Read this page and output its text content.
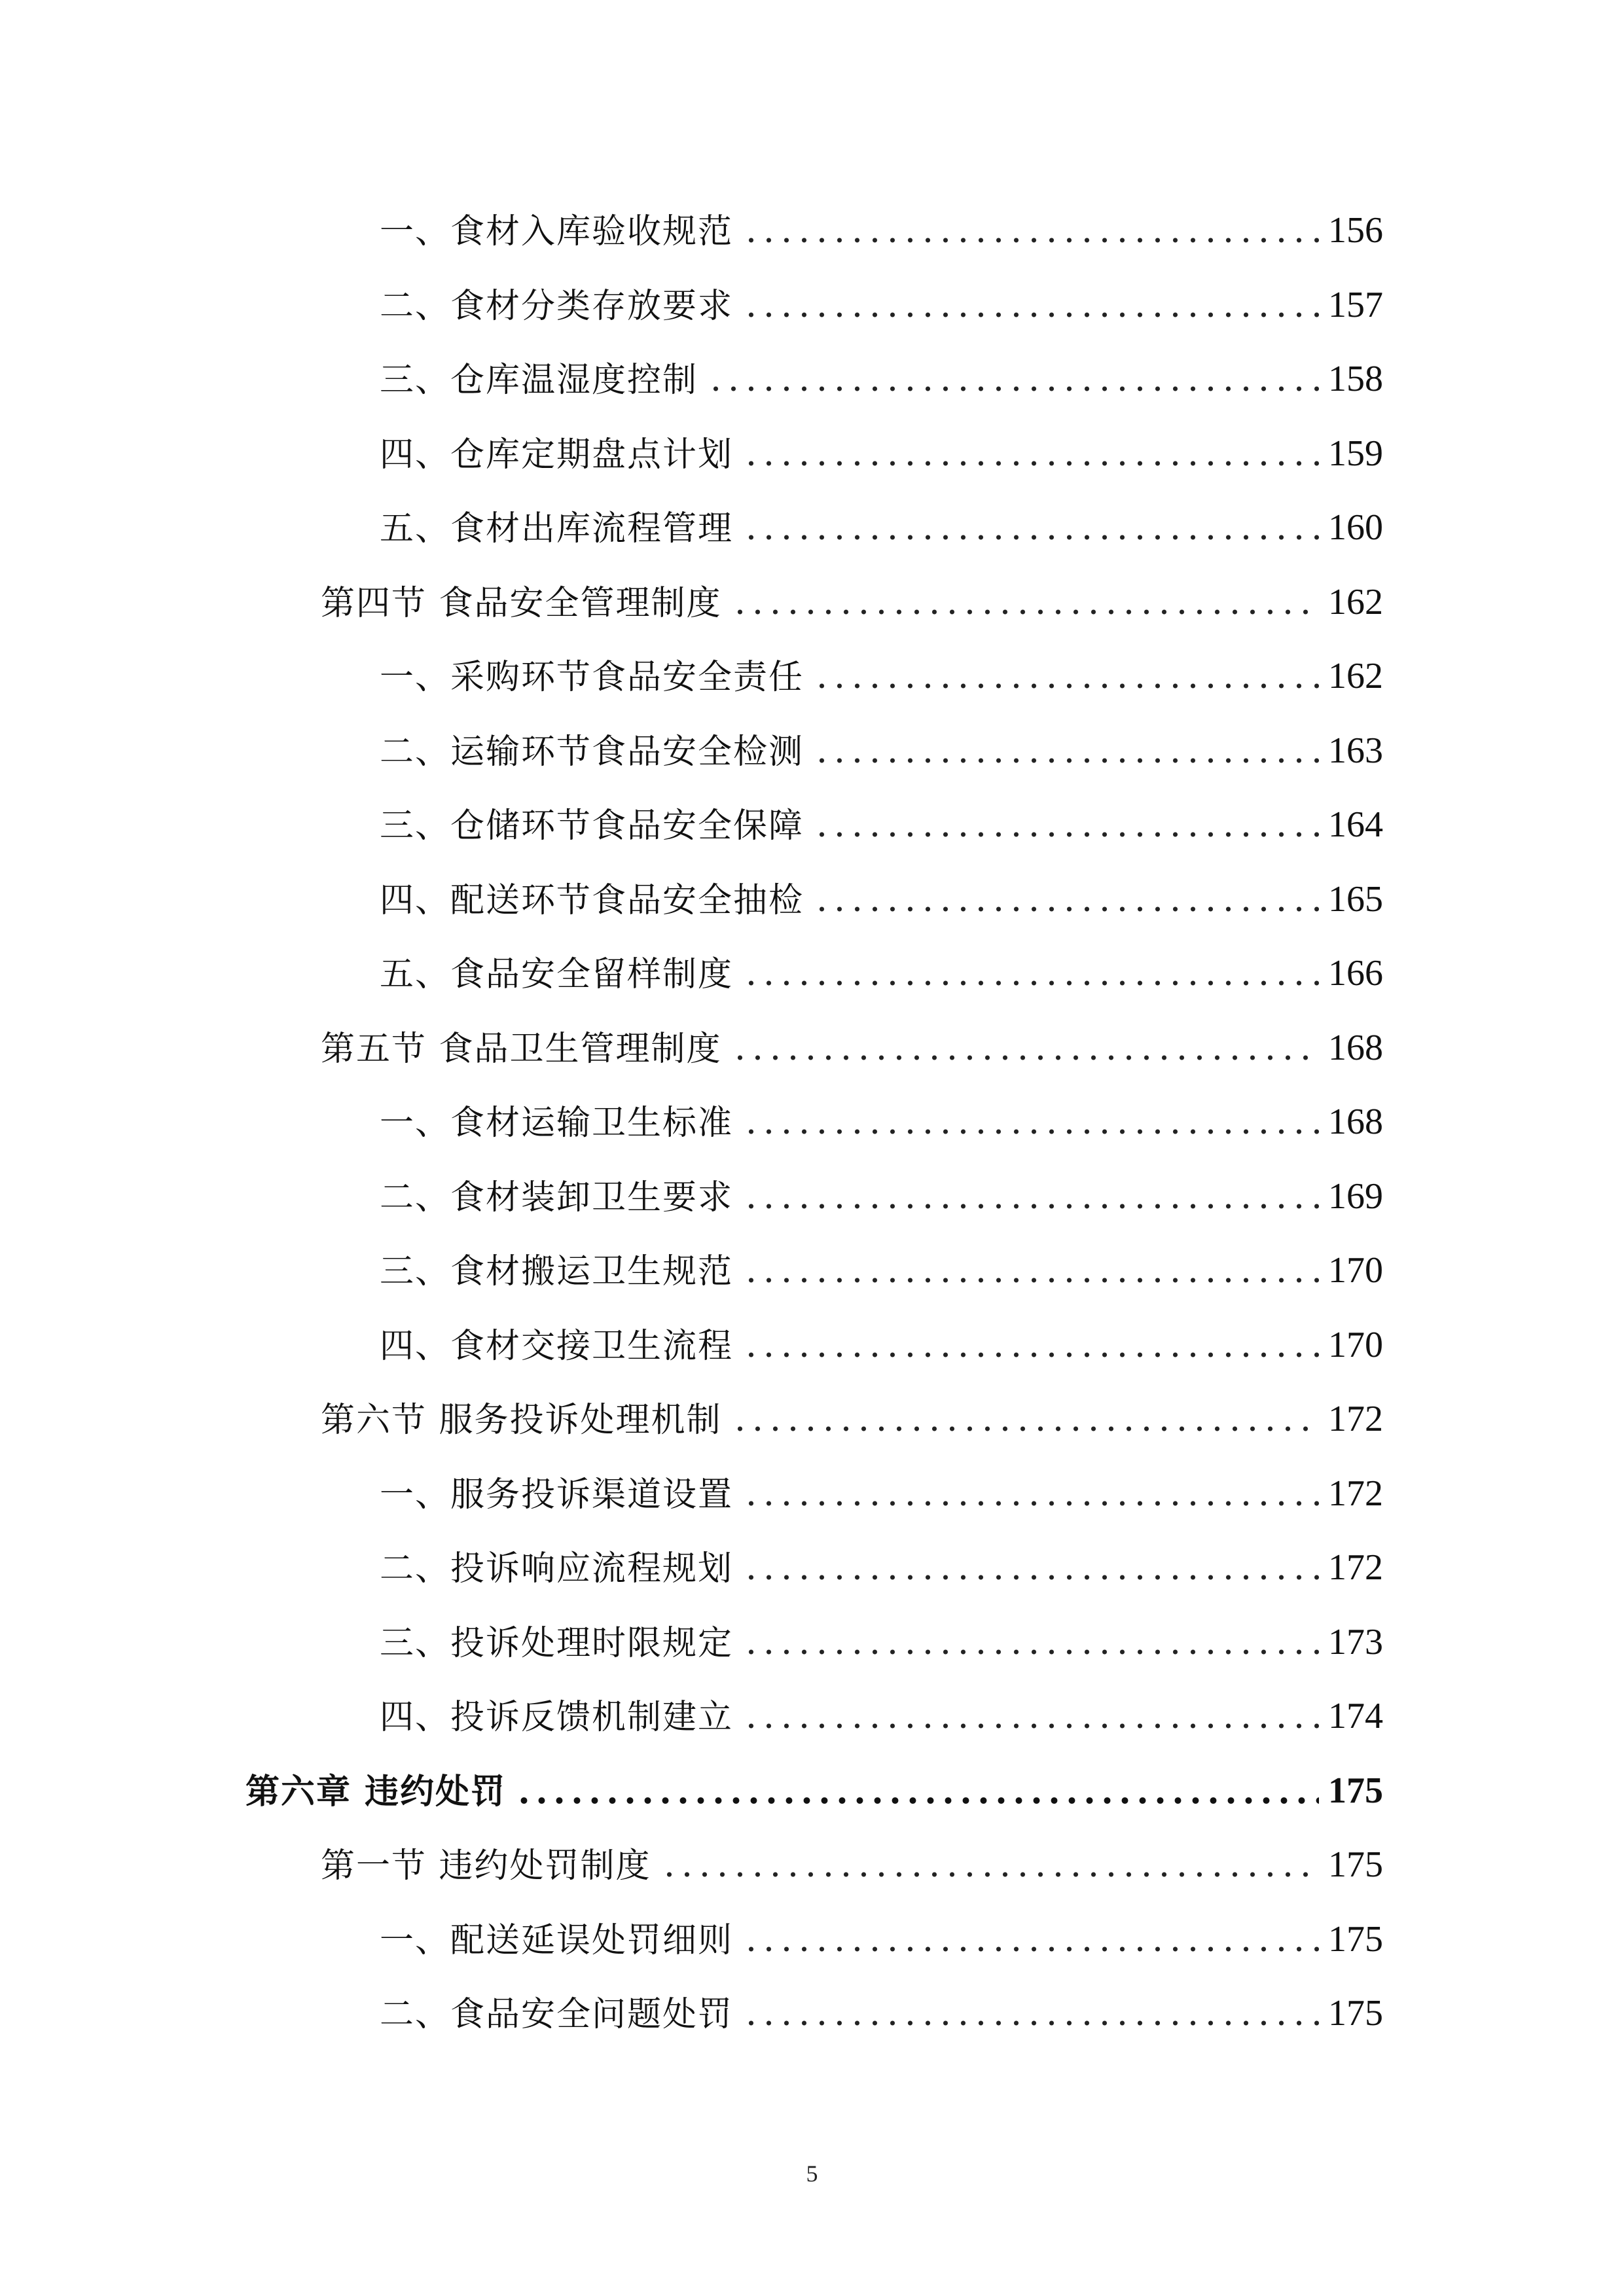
一、食材入库验收规范	156
二、食材分类存放要求	157
三、仓库温湿度控制	158
四、仓库定期盘点计划	159
五、食材出库流程管理	160
第四节 食品安全管理制度	162
一、采购环节食品安全责任	162
二、运输环节食品安全检测	163
三、仓储环节食品安全保障	164
四、配送环节食品安全抽检	165
五、食品安全留样制度	166
第五节 食品卫生管理制度	168
一、食材运输卫生标准	168
二、食材装卸卫生要求	169
三、食材搬运卫生规范	170
四、食材交接卫生流程	170
第六节 服务投诉处理机制	172
一、服务投诉渠道设置	172
二、投诉响应流程规划	172
三、投诉处理时限规定	173
四、投诉反馈机制建立	174
第六章 违约处罚	175
第一节 违约处罚制度	175
一、配送延误处罚细则	175
二、食品安全问题处罚	175
5
